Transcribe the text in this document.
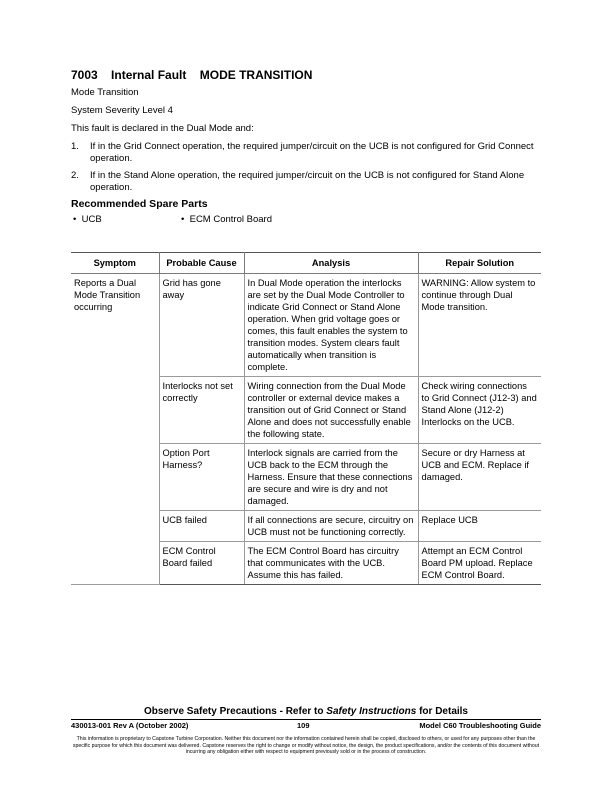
7003 Internal Fault MODE TRANSITION
Mode Transition
System Severity Level 4
This fault is declared in the Dual Mode and:
1. If in the Grid Connect operation, the required jumper/circuit on the UCB is not configured for Grid Connect operation.
2. If in the Stand Alone operation, the required jumper/circuit on the UCB is not configured for Stand Alone operation.
Recommended Spare Parts
• UCB	• ECM Control Board
Symptom	Probable Cause	Analysis	Repair Solution
Reports a Dual Mode Transition occurring	Grid has gone away	In Dual Mode operation the interlocks are set by the Dual Mode Controller to indicate Grid Connect or Stand Alone operation. When grid voltage goes or comes, this fault enables the system to transition modes. System clears fault automatically when transition is complete.	WARNING: Allow system to continue through Dual Mode transition.
	Interlocks not set correctly	Wiring connection from the Dual Mode controller or external device makes a transition out of Grid Connect or Stand Alone and does not successfully enable the following state.	Check wiring connections to Grid Connect (J12-3) and Stand Alone (J12-2) Interlocks on the UCB.
	Option Port Harness?	Interlock signals are carried from the UCB back to the ECM through the Harness. Ensure that these connections are secure and wire is dry and not damaged.	Secure or dry Harness at UCB and ECM. Replace if damaged.
	UCB failed	If all connections are secure, circuitry on UCB must not be functioning correctly.	Replace UCB
	ECM Control Board failed	The ECM Control Board has circuitry that communicates with the UCB. Assume this has failed.	Attempt an ECM Control Board PM upload. Replace ECM Control Board.
Observe Safety Precautions - Refer to Safety Instructions for Details
430013-001 Rev A (October 2002)	109	Model C60 Troubleshooting Guide
This information is proprietary to Capstone Turbine Corporation. Neither this document nor the information contained herein shall be copied, disclosed to others, or used for any purposes other than the specific purpose for which this document was delivered. Capstone reserves the right to change or modify without notice, the design, the product specifications, and/or the contents of this document without incurring any obligation either with respect to equipment previously sold or in the process of construction.
